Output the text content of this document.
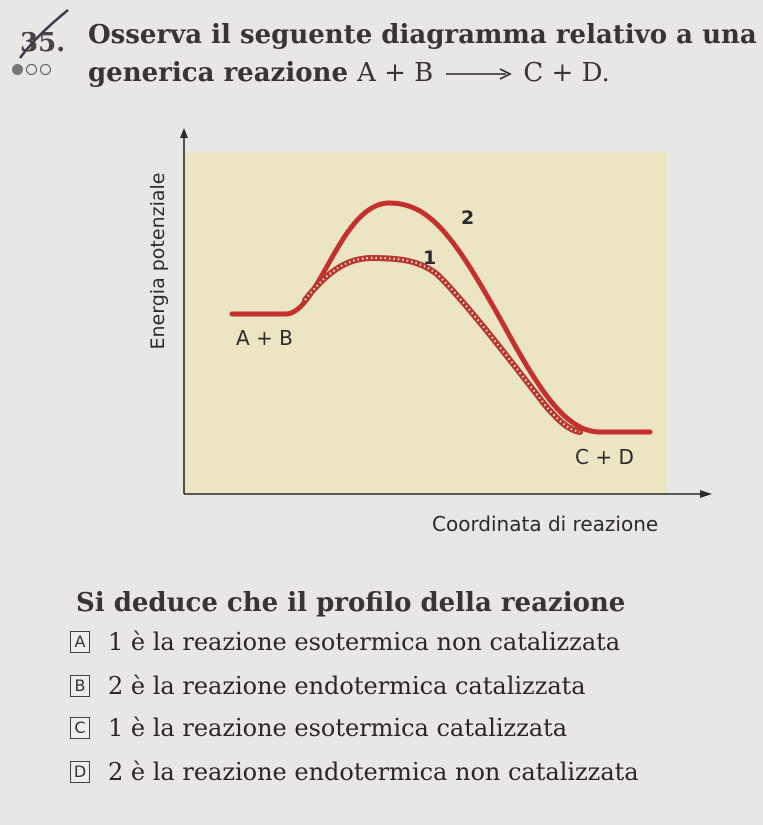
35. Osserva il seguente diagramma relativo a una
generica reazione A + B → C + D.
Energia potenziale
Coordinata di reazione
A + B
C + D
2
1
Si deduce che il profilo della reazione
A 1 è la reazione esotermica non catalizzata
B 2 è la reazione endotermica catalizzata
C 1 è la reazione esotermica catalizzata
D 2 è la reazione endotermica non catalizzata
